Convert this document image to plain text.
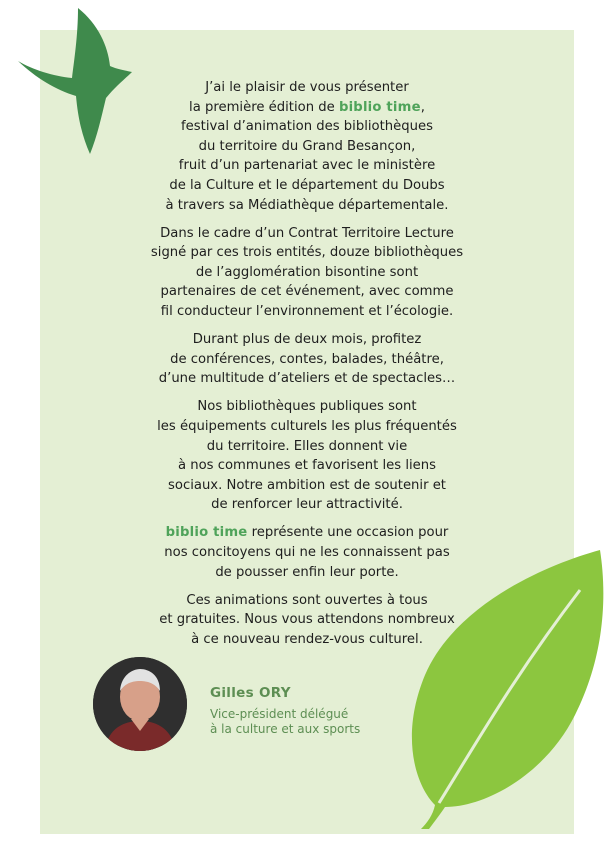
J’ai le plaisir de vous présenter
la première édition de biblio time,
festival d’animation des bibliothèques
du territoire du Grand Besançon,
fruit d’un partenariat avec le ministère
de la Culture et le département du Doubs
à travers sa Médiathèque départementale.

Dans le cadre d’un Contrat Territoire Lecture
signé par ces trois entités, douze bibliothèques
de l’agglomération bisontine sont
partenaires de cet événement, avec comme
fil conducteur l’environnement et l’écologie.

Durant plus de deux mois, profitez
de conférences, contes, balades, théâtre,
d’une multitude d’ateliers et de spectacles…

Nos bibliothèques publiques sont
les équipements culturels les plus fréquentés
du territoire. Elles donnent vie
à nos communes et favorisent les liens
sociaux. Notre ambition est de soutenir et
de renforcer leur attractivité.

biblio time représente une occasion pour
nos concitoyens qui ne les connaissent pas
de pousser enfin leur porte.

Ces animations sont ouvertes à tous
et gratuites. Nous vous attendons nombreux
à ce nouveau rendez-vous culturel.

Gilles ORY
Vice-président délégué
à la culture et aux sports
